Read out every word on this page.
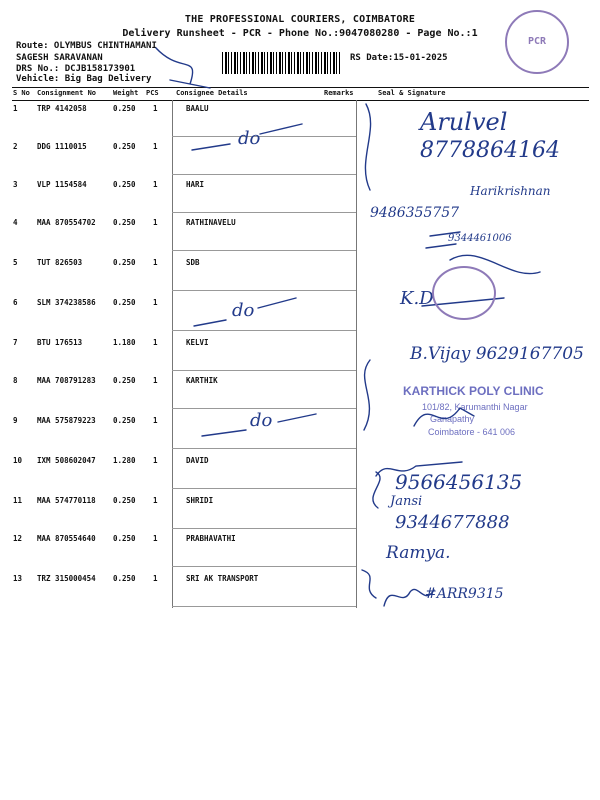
THE PROFESSIONAL COURIERS, COIMBATORE
Delivery Runsheet - PCR - Phone No.:9047080280 - Page No.:1
Route: OLYMBUS CHINTHAMANI
SAGESH SARAVANAN
DRS No.: DCJB158173901
Vehicle: Big Bag Delivery
RS Date:15-01-2025
PCR
S No Consignment No Weight PCS Consignee Details	Remarks	Seal & Signature
1	TRP 4142058	0.250 1	BAALU
2	DDG 1110015	0.250 1
3	VLP 1154584	0.250 1	HARI
4	MAA 870554702 0.250 1	RATHINAVELU
5	TUT 826503	0.250 1	SDB
6	SLM 374238586 0.250 1
7	BTU 176513	1.180 1	KELVI
8	MAA 708791283 0.250 1	KARTHIK
9	MAA 575879223 0.250 1
10 IXM 508602047 1.280 1	DAVID
11 MAA 574770118 0.250 1	SHRIDI
12 MAA 870554640 0.250 1	PRABHAVATHI
13 TRZ 315000454 0.250 1	SRI AK TRANSPORT
do
do
do
Arulvel
8778864164
Harikrishnan
9486355757
9344461006
K.D
B.Vijay 9629167705
KARTHICK POLY CLINIC
101/82, Karumanthi Nagar
Ganapathy
Coimbatore - 641 006
9566456135
Jansi
9344677888
Ramya.
#ARR9315
